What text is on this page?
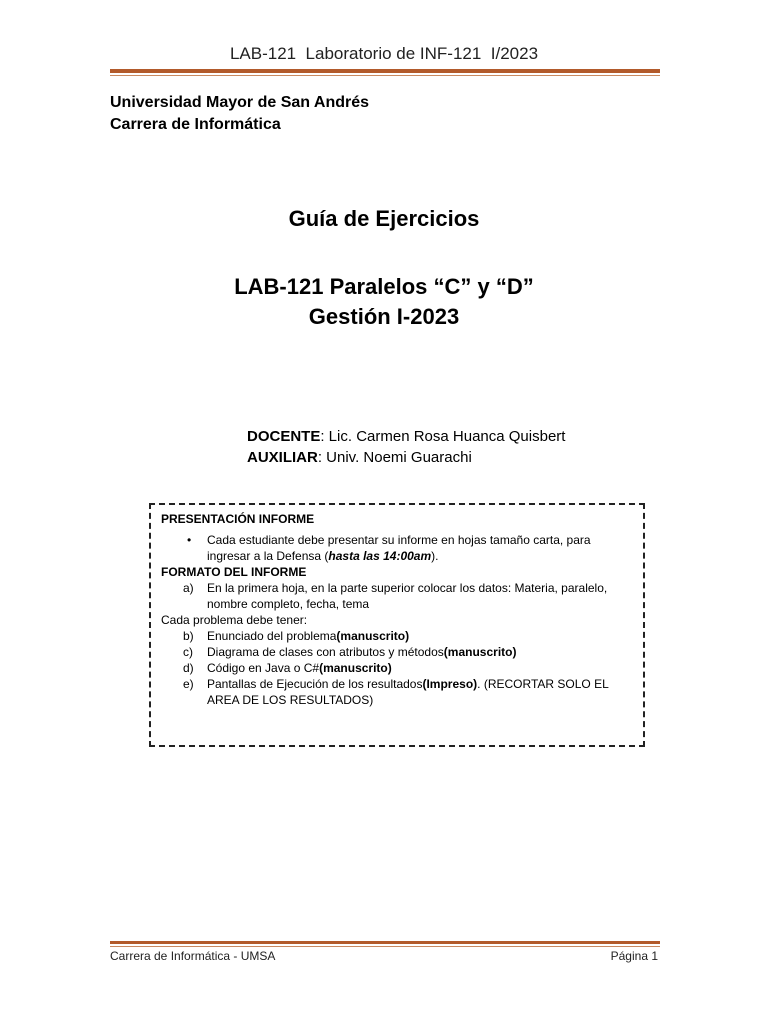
LAB-121  Laboratorio de INF-121  I/2023
Universidad Mayor de San Andrés
Carrera de Informática
Guía de Ejercicios
LAB-121 Paralelos “C” y “D”
Gestión I-2023
DOCENTE: Lic. Carmen Rosa Huanca Quisbert
AUXILIAR: Univ. Noemi Guarachi
PRESENTACIÓN INFORME
• Cada estudiante debe presentar su informe en hojas tamaño carta, para ingresar a la Defensa (hasta las 14:00am).
FORMATO DEL INFORME
a) En la primera hoja, en la parte superior colocar los datos: Materia, paralelo, nombre completo, fecha, tema
Cada problema debe tener:
b) Enunciado del problema(manuscrito)
c) Diagrama de clases con atributos y métodos(manuscrito)
d) Código en Java o C#(manuscrito)
e) Pantallas de Ejecución de los resultados(Impreso). (RECORTAR SOLO EL AREA DE LOS RESULTADOS)
Carrera de Informática - UMSA	Página 1
